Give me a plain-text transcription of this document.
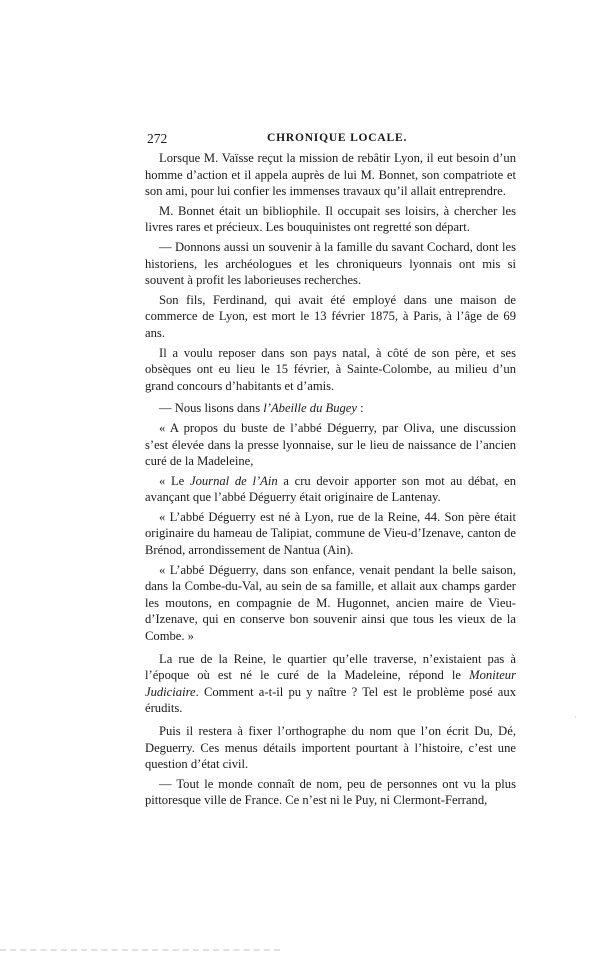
272	CHRONIQUE LOCALE.

Lorsque M. Vaïsse reçut la mission de rebâtir Lyon, il eut besoin d’un homme d’action et il appela auprès de lui M. Bonnet, son compatriote et son ami, pour lui confier les immenses travaux qu’il allait entreprendre.

M. Bonnet était un bibliophile. Il occupait ses loisirs, à chercher les livres rares et précieux. Les bouquinistes ont regretté son départ.

— Donnons aussi un souvenir à la famille du savant Cochard, dont les historiens, les archéologues et les chroniqueurs lyonnais ont mis si souvent à profit les laborieuses recherches.

Son fils, Ferdinand, qui avait été employé dans une maison de commerce de Lyon, est mort le 13 février 1875, à Paris, à l’âge de 69 ans.

Il a voulu reposer dans son pays natal, à côté de son père, et ses obsèques ont eu lieu le 15 février, à Sainte-Colombe, au milieu d’un grand concours d’habitants et d’amis.

— Nous lisons dans l’Abeille du Bugey :

« A propos du buste de l’abbé Déguerry, par Oliva, une discussion s’est élevée dans la presse lyonnaise, sur le lieu de naissance de l’ancien curé de la Madeleine,

« Le Journal de l’Ain a cru devoir apporter son mot au débat, en avançant que l’abbé Déguerry était originaire de Lantenay.

« L’abbé Déguerry est né à Lyon, rue de la Reine, 44. Son père était originaire du hameau de Talipiat, commune de Vieu-d’Izenave, canton de Brénod, arrondissement de Nantua (Ain).

« L’abbé Déguerry, dans son enfance, venait pendant la belle saison, dans la Combe-du-Val, au sein de sa famille, et allait aux champs garder les moutons, en compagnie de M. Hugonnet, ancien maire de Vieu-d’Izenave, qui en conserve bon souvenir ainsi que tous les vieux de la Combe. »

La rue de la Reine, le quartier qu’elle traverse, n’existaient pas à l’époque où est né le curé de la Madeleine, répond le Moniteur Judiciaire. Comment a-t-il pu y naître ? Tel est le problème posé aux érudits.

Puis il restera à fixer l’orthographe du nom que l’on écrit Du, Dé, Deguerry. Ces menus détails importent pourtant à l’histoire, c’est une question d’état civil.

— Tout le monde connaît de nom, peu de personnes ont vu la plus pittoresque ville de France. Ce n’est ni le Puy, ni Clermont-Ferrand,

·
